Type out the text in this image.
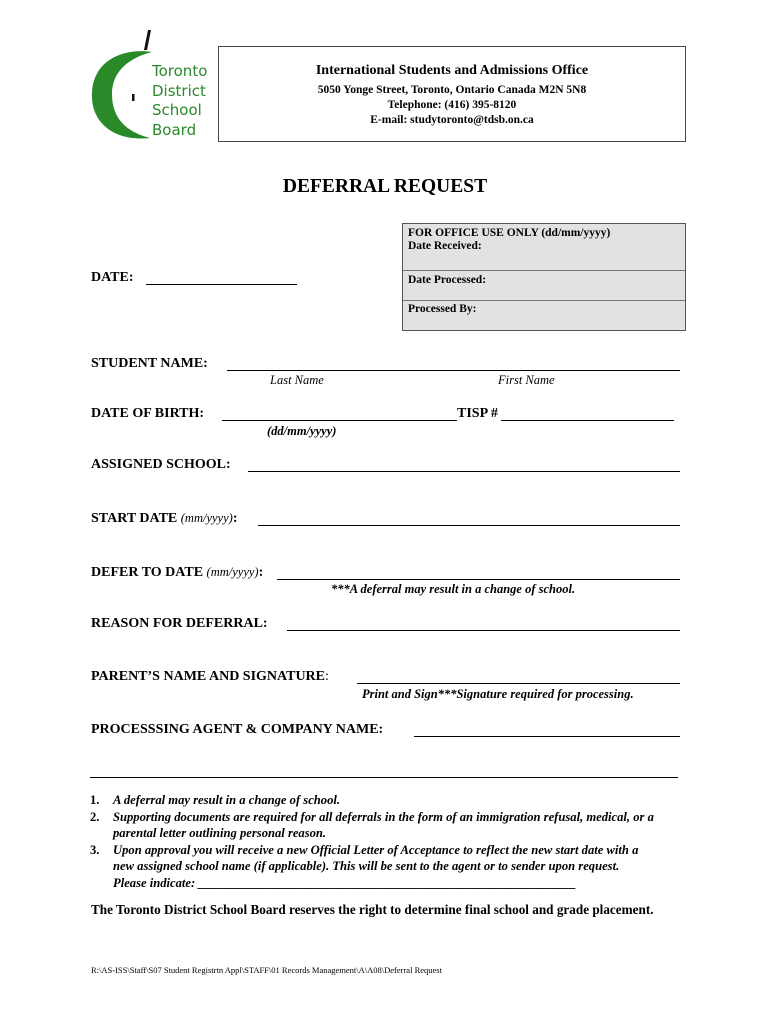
Toronto
District
School
Board
International Students and Admissions Office
5050 Yonge Street, Toronto, Ontario Canada M2N 5N8
Telephone: (416) 395-8120
E-mail: studytoronto@tdsb.on.ca
DEFERRAL REQUEST
FOR OFFICE USE ONLY (dd/mm/yyyy)
Date Received:
Date Processed:
Processed By:
DATE:
STUDENT NAME:
Last Name	First Name
DATE OF BIRTH:
(dd/mm/yyyy)
TISP #
ASSIGNED SCHOOL:
START DATE (mm/yyyy):
DEFER TO DATE (mm/yyyy):
***A deferral may result in a change of school.
REASON FOR DEFERRAL:
PARENT’S NAME AND SIGNATURE:
Print and Sign***Signature required for processing.
PROCESSSING AGENT & COMPANY NAME:
1. A deferral may result in a change of school.
2. Supporting documents are required for all deferrals in the form of an immigration refusal, medical, or a parental letter outlining personal reason.
3. Upon approval you will receive a new Official Letter of Acceptance to reflect the new start date with a new assigned school name (if applicable). This will be sent to the agent or to sender upon request. Please indicate: ____________________________________________________________
The Toronto District School Board reserves the right to determine final school and grade placement.
R:\AS-ISS\Staff\S07 Student Registrtn Appl\STAFF\01 Records Management\A\A08\Deferral Request
